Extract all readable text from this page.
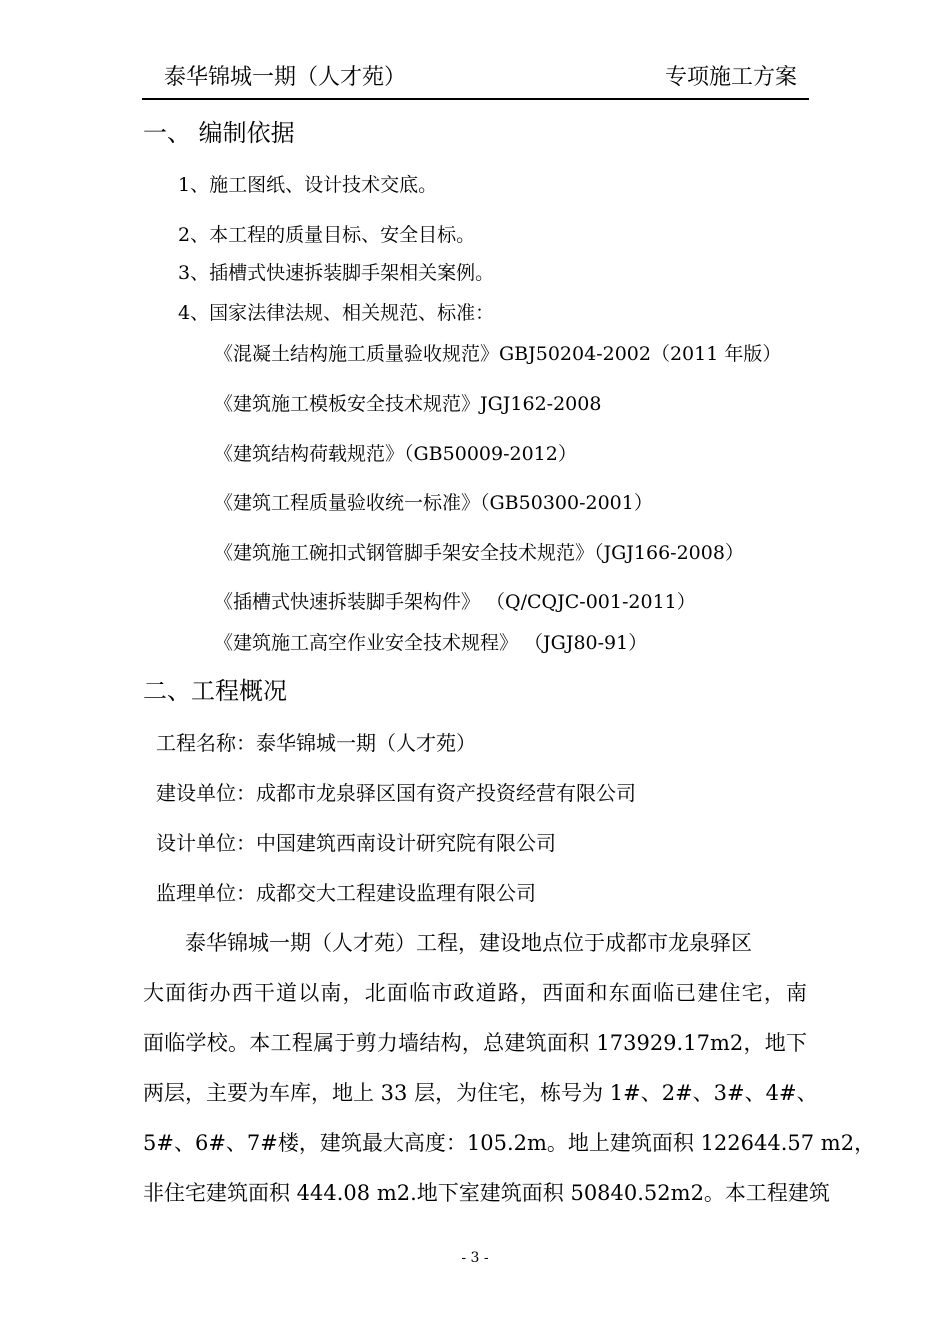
泰华锦城一期（人才苑）	专项施工方案
一、 编制依据
1、施工图纸、设计技术交底。
2、本工程的质量目标、安全目标。
3、插槽式快速拆装脚手架相关案例。
4、国家法律法规、相关规范、标准：
《混凝土结构施工质量验收规范》GBJ50204-2002（2011 年版）
《建筑施工模板安全技术规范》JGJ162-2008
《建筑结构荷载规范》（GB50009-2012）
《建筑工程质量验收统一标准》（GB50300-2001）
《建筑施工碗扣式钢管脚手架安全技术规范》（JGJ166-2008）
《插槽式快速拆装脚手架构件》 （Q/CQJC-001-2011）
《建筑施工高空作业安全技术规程》 （JGJ80-91）
二、工程概况
工程名称：泰华锦城一期（人才苑）
建设单位：成都市龙泉驿区国有资产投资经营有限公司
设计单位：中国建筑西南设计研究院有限公司
监理单位：成都交大工程建设监理有限公司
泰华锦城一期（人才苑）工程，建设地点位于成都市龙泉驿区
大面街办西干道以南，北面临市政道路，西面和东面临已建住宅，南
面临学校。本工程属于剪力墙结构，总建筑面积 173929.17m2，地下
两层，主要为车库，地上 33 层，为住宅，栋号为 1#、2#、3#、4#、
5#、6#、7#楼，建筑最大高度：105.2m。地上建筑面积 122644.57 m2，
非住宅建筑面积 444.08 m2.地下室建筑面积 50840.52m2。本工程建筑
- 3 -
